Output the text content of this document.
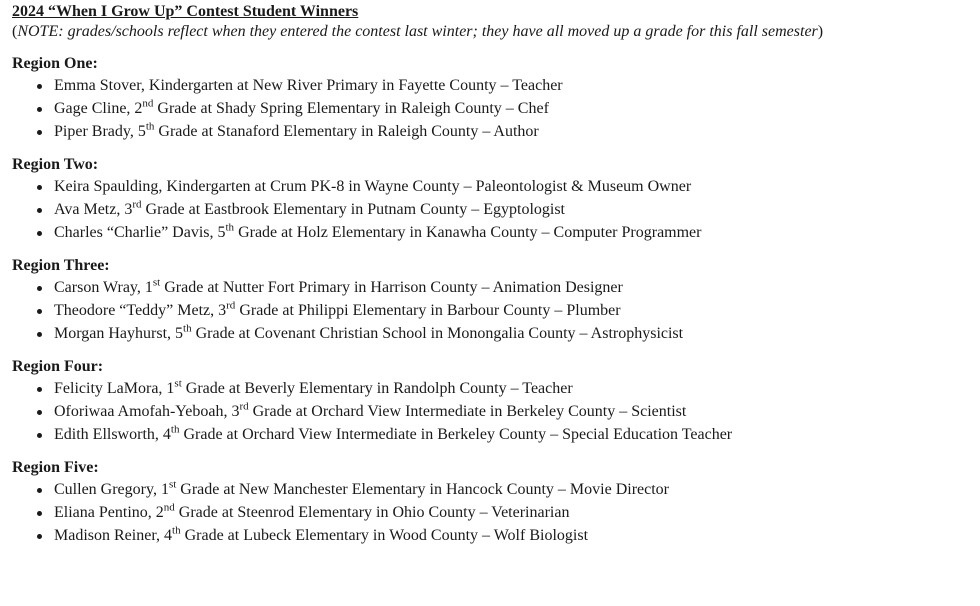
2024 “When I Grow Up” Contest Student Winners
(NOTE: grades/schools reflect when they entered the contest last winter; they have all moved up a grade for this fall semester)
Region One:
Emma Stover, Kindergarten at New River Primary in Fayette County – Teacher
Gage Cline, 2nd Grade at Shady Spring Elementary in Raleigh County – Chef
Piper Brady, 5th Grade at Stanaford Elementary in Raleigh County – Author
Region Two:
Keira Spaulding, Kindergarten at Crum PK-8 in Wayne County – Paleontologist & Museum Owner
Ava Metz, 3rd Grade at Eastbrook Elementary in Putnam County – Egyptologist
Charles “Charlie” Davis, 5th Grade at Holz Elementary in Kanawha County – Computer Programmer
Region Three:
Carson Wray, 1st Grade at Nutter Fort Primary in Harrison County – Animation Designer
Theodore “Teddy” Metz, 3rd Grade at Philippi Elementary in Barbour County – Plumber
Morgan Hayhurst, 5th Grade at Covenant Christian School in Monongalia County – Astrophysicist
Region Four:
Felicity LaMora, 1st Grade at Beverly Elementary in Randolph County – Teacher
Oforiwaa Amofah-Yeboah, 3rd Grade at Orchard View Intermediate in Berkeley County – Scientist
Edith Ellsworth, 4th Grade at Orchard View Intermediate in Berkeley County – Special Education Teacher
Region Five:
Cullen Gregory, 1st Grade at New Manchester Elementary in Hancock County – Movie Director
Eliana Pentino, 2nd Grade at Steenrod Elementary in Ohio County – Veterinarian
Madison Reiner, 4th Grade at Lubeck Elementary in Wood County – Wolf Biologist
